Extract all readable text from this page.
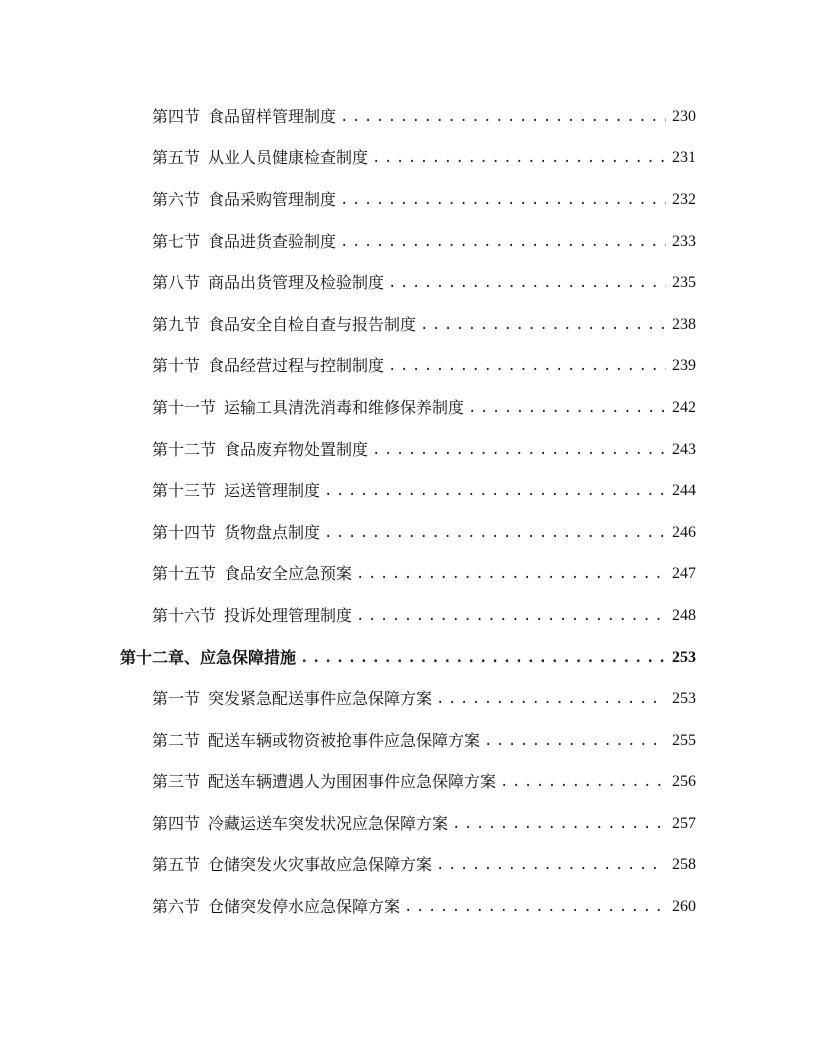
第四节 食品留样管理制度 .....	230
第五节 从业人员健康检查制度 .....	231
第六节 食品采购管理制度 .....	232
第七节 食品进货查验制度 .....	233
第八节 商品出货管理及检验制度 .....	235
第九节 食品安全自检自查与报告制度 .....	238
第十节 食品经营过程与控制制度 .....	239
第十一节 运输工具清洗消毒和维修保养制度 .....	242
第十二节 食品废弃物处置制度 .....	243
第十三节 运送管理制度 .....	244
第十四节 货物盘点制度 .....	246
第十五节 食品安全应急预案 .....	247
第十六节 投诉处理管理制度 .....	248
第十二章、应急保障措施 .....	253
第一节 突发紧急配送事件应急保障方案 .....	253
第二节 配送车辆或物资被抢事件应急保障方案 .....	255
第三节 配送车辆遭遇人为围困事件应急保障方案 .....	256
第四节 冷藏运送车突发状况应急保障方案 .....	257
第五节 仓储突发火灾事故应急保障方案 .....	258
第六节 仓储突发停水应急保障方案 .....	260
